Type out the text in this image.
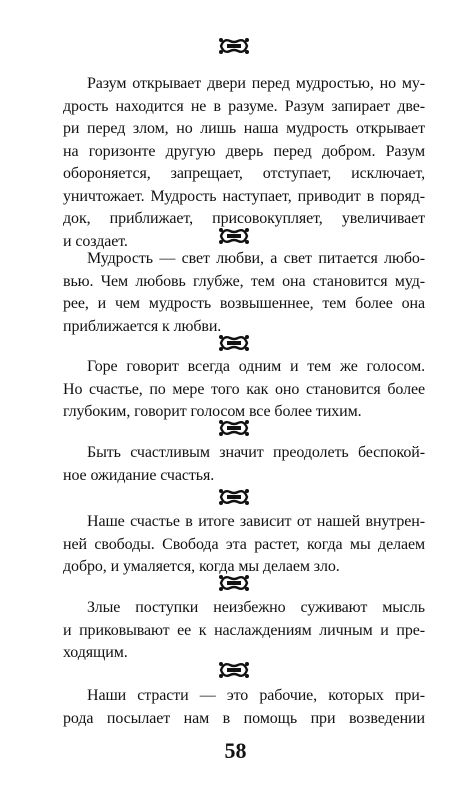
Разум открывает двери перед мудростью, но му-
дрость находится не в разуме. Разум запирает две-
ри перед злом, но лишь наша мудрость открывает
на горизонте другую дверь перед добром. Разум
обороняется, запрещает, отступает, исключает,
уничтожает. Мудрость наступает, приводит в поряд-
док, приближает, присовокупляет, увеличивает
и создает.

Мудрость — свет любви, а свет питается любо-
вью. Чем любовь глубже, тем она становится муд-
рее, и чем мудрость возвышеннее, тем более она
приближается к любви.

Горе говорит всегда одним и тем же голосом.
Но счастье, по мере того как оно становится более
глубоким, говорит голосом все более тихим.

Быть счастливым значит преодолеть беспокой-
ное ожидание счастья.

Наше счастье в итоге зависит от нашей внутрен-
ней свободы. Свобода эта растет, когда мы делаем
добро, и умаляется, когда мы делаем зло.

Злые поступки неизбежно суживают мысль
и приковывают ее к наслаждениям личным и пре-
ходящим.

Наши страсти — это рабочие, которых при-
рода посылает нам в помощь при возведении

58
